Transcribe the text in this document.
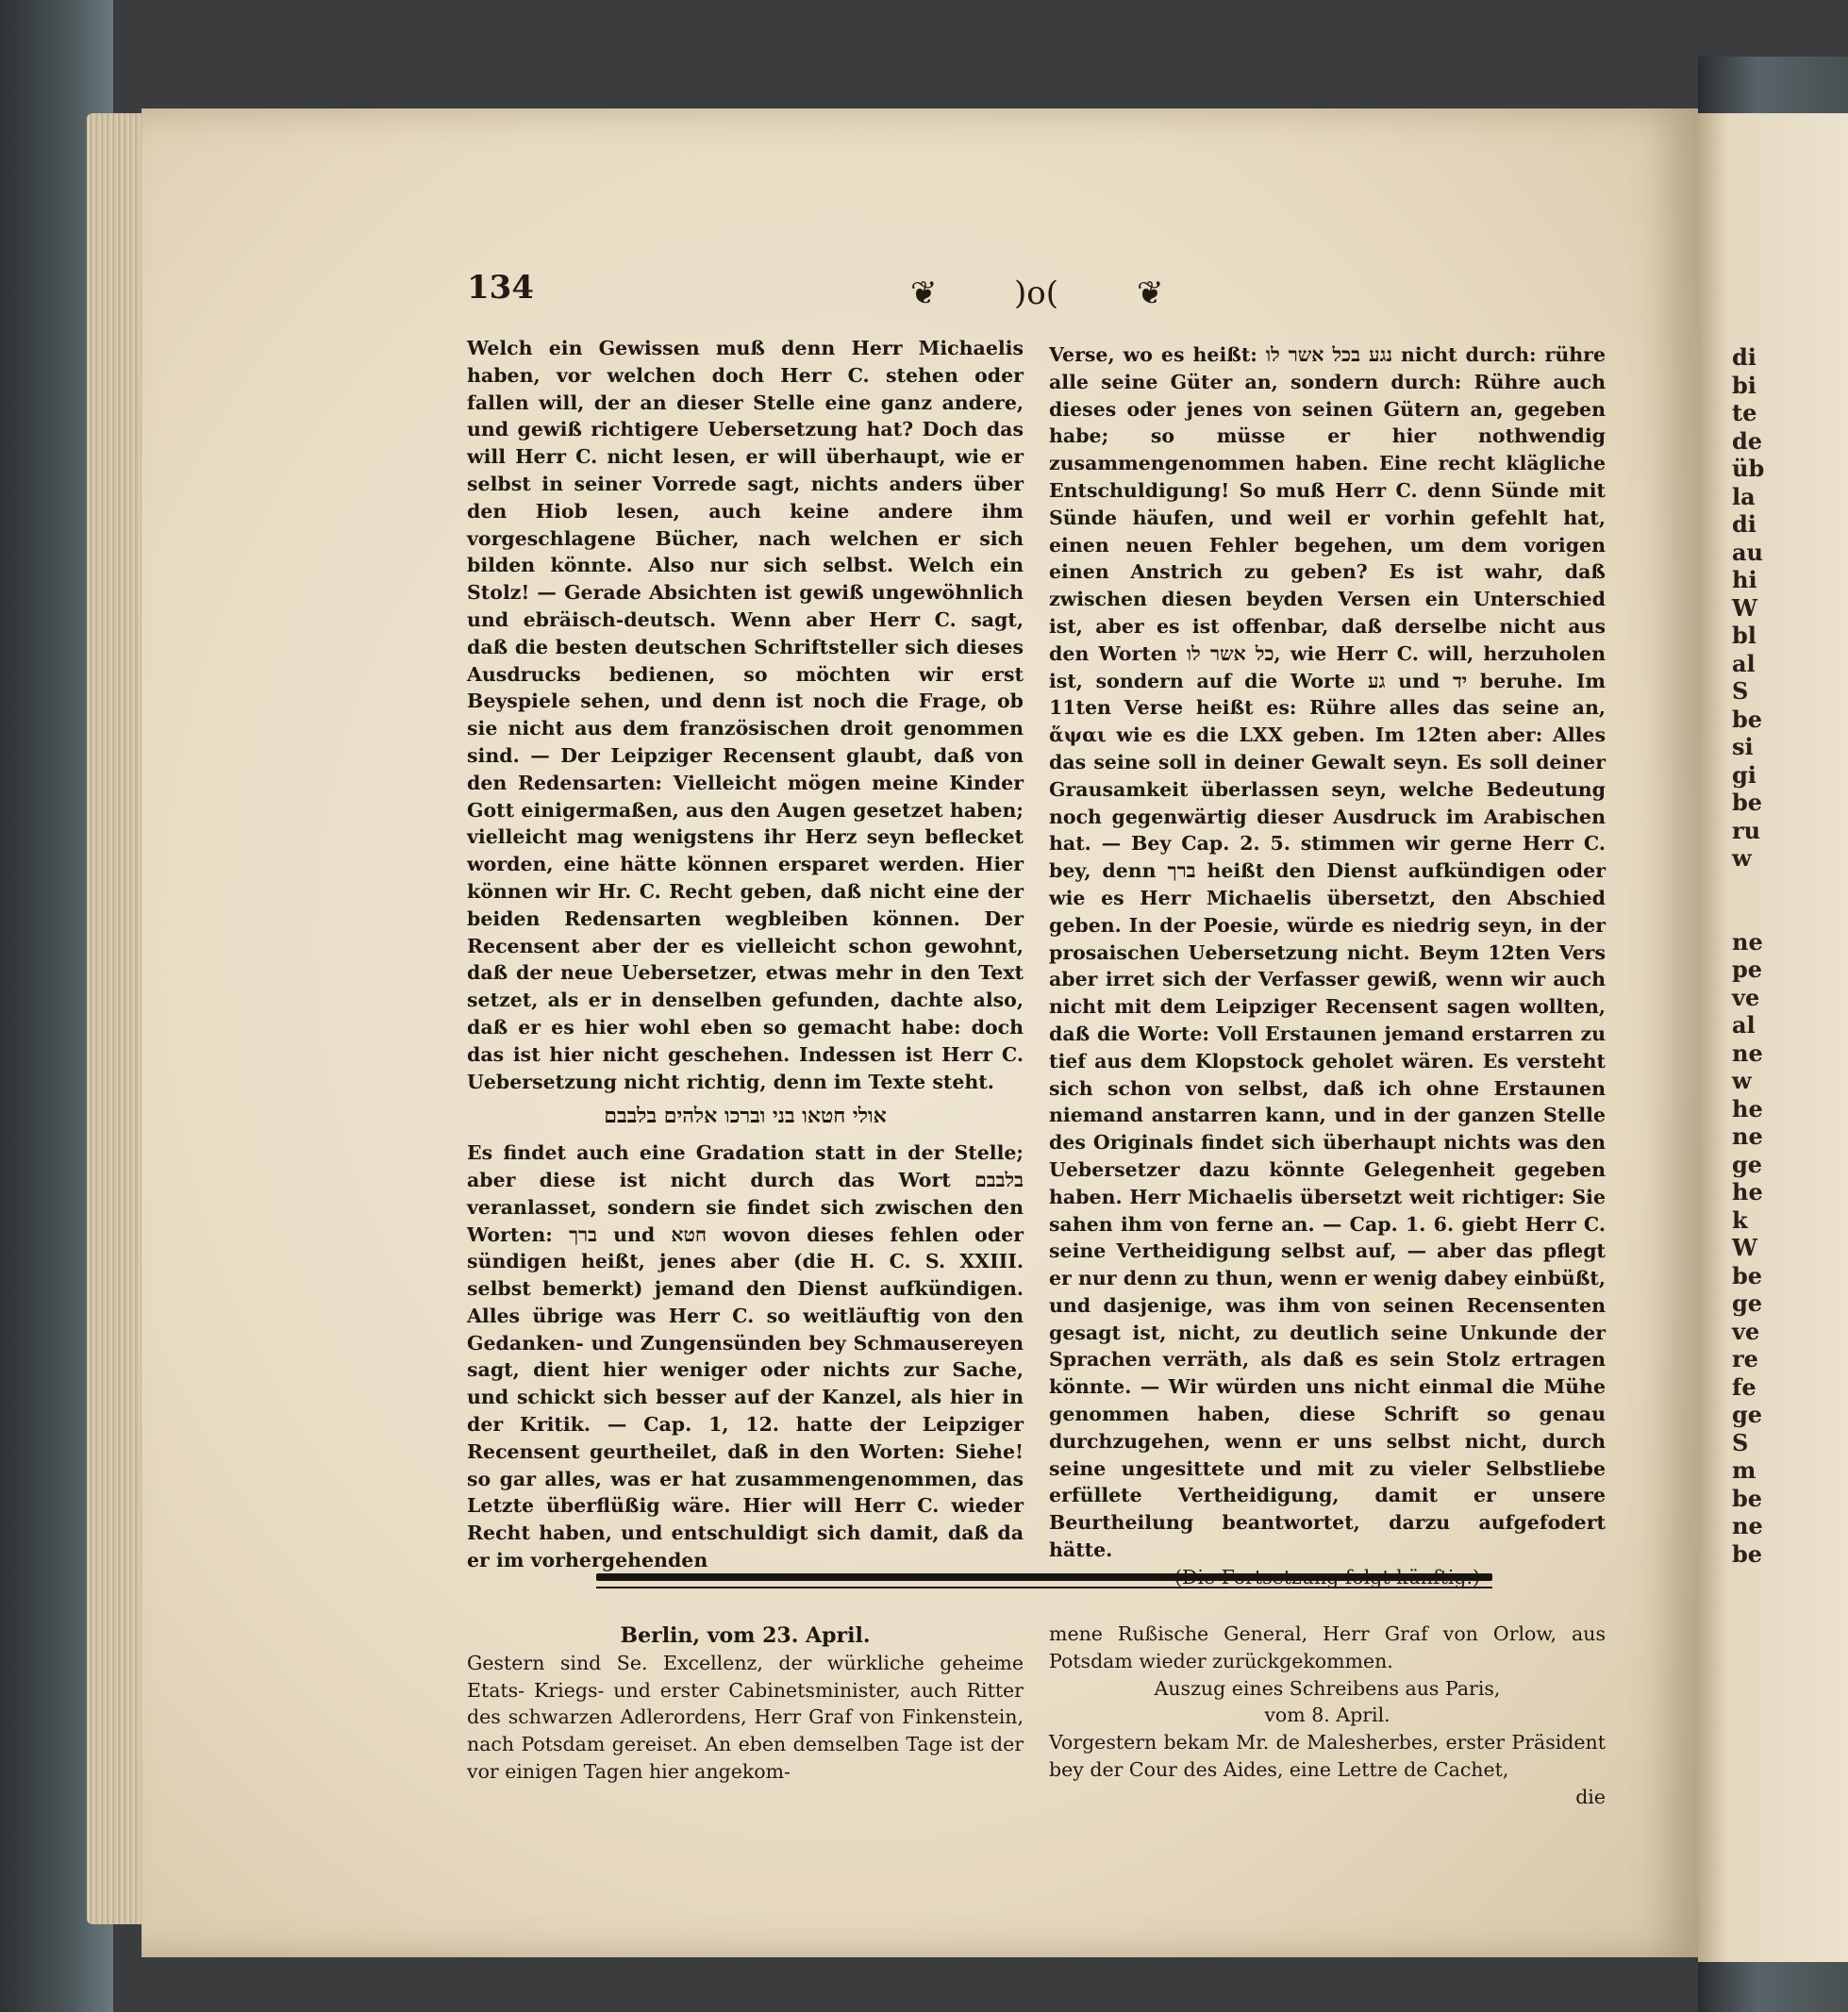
di
bi
te
de
üb
la
di
au
hi
W
bl
al
S
be
si
gi
be
ru
w
ne
pe
ve
al
ne
w
he
ne
ge
he
k
W
be
ge
ve
re
fe
ge
S
m
be
ne
be
134	❦ )o( ❦

Welch ein Gewissen muß denn Herr Michaelis haben, vor welchen doch Herr C. stehen oder fallen will, der an dieser Stelle eine ganz andere, und gewiß richtigere Uebersetzung hat? Doch das will Herr C. nicht lesen, er will überhaupt, wie er selbst in seiner Vorrede sagt, nichts anders über den Hiob lesen, auch keine andere ihm vorgeschlagene Bücher, nach welchen er sich bilden könnte. Also nur sich selbst. Welch ein Stolz! — Gerade Absichten ist gewiß ungewöhnlich und ebräisch-deutsch. Wenn aber Herr C. sagt, daß die besten deutschen Schriftsteller sich dieses Ausdrucks bedienen, so möchten wir erst Beyspiele sehen, und denn ist noch die Frage, ob sie nicht aus dem französischen droit genommen sind. — Der Leipziger Recensent glaubt, daß von den Redensarten: Vielleicht mögen meine Kinder Gott einigermaßen, aus den Augen gesetzet haben; vielleicht mag wenigstens ihr Herz seyn beflecket worden, eine hätte können ersparet werden. Hier können wir Hr. C. Recht geben, daß nicht eine der beiden Redensarten wegbleiben können. Der Recensent aber der es vielleicht schon gewohnt, daß der neue Uebersetzer, etwas mehr in den Text setzet, als er in denselben gefunden, dachte also, daß er es hier wohl eben so gemacht habe: doch das ist hier nicht geschehen. Indessen ist Herr C. Uebersetzung nicht richtig, denn im Texte steht.

אולי חטאו בני וברכו אלהים בלבבם

Es findet auch eine Gradation statt in der Stelle; aber diese ist nicht durch das Wort בלבבם veranlasset, sondern sie findet sich zwischen den Worten: ברך und חטא wovon dieses fehlen oder sündigen heißt, jenes aber (die H. C. S. XXIII. selbst bemerkt) jemand den Dienst aufkündigen. Alles übrige was Herr C. so weitläuftig von den Gedanken- und Zungensünden bey Schmausereyen sagt, dient hier weniger oder nichts zur Sache, und schickt sich besser auf der Kanzel, als hier in der Kritik. — Cap. 1, 12. hatte der Leipziger Recensent geurtheilet, daß in den Worten: Siehe! so gar alles, was er hat zusammengenommen, das Letzte überflüßig wäre. Hier will Herr C. wieder Recht haben, und entschuldigt sich damit, daß da er im vorhergehenden

Verse, wo es heißt: נגע בכל אשר לו nicht durch: rühre alle seine Güter an, sondern durch: Rühre auch dieses oder jenes von seinen Gütern an, gegeben habe; so müsse er hier nothwendig zusammengenommen haben. Eine recht klägliche Entschuldigung! So muß Herr C. denn Sünde mit Sünde häufen, und weil er vorhin gefehlt hat, einen neuen Fehler begehen, um dem vorigen einen Anstrich zu geben? Es ist wahr, daß zwischen diesen beyden Versen ein Unterschied ist, aber es ist offenbar, daß derselbe nicht aus den Worten כל אשר לו, wie Herr C. will, herzuholen ist, sondern auf die Worte גע und יד beruhe. Im 11ten Verse heißt es: Rühre alles das seine an, ἅψαι wie es die LXX geben. Im 12ten aber: Alles das seine soll in deiner Gewalt seyn. Es soll deiner Grausamkeit überlassen seyn, welche Bedeutung noch gegenwärtig dieser Ausdruck im Arabischen hat. — Bey Cap. 2. 5. stimmen wir gerne Herr C. bey, denn ברך heißt den Dienst aufkündigen oder wie es Herr Michaelis übersetzt, den Abschied geben. In der Poesie, würde es niedrig seyn, in der prosaischen Uebersetzung nicht. Beym 12ten Vers aber irret sich der Verfasser gewiß, wenn wir auch nicht mit dem Leipziger Recensent sagen wollten, daß die Worte: Voll Erstaunen jemand erstarren zu tief aus dem Klopstock geholet wären. Es versteht sich schon von selbst, daß ich ohne Erstaunen niemand anstarren kann, und in der ganzen Stelle des Originals findet sich überhaupt nichts was den Uebersetzer dazu könnte Gelegenheit gegeben haben. Herr Michaelis übersetzt weit richtiger: Sie sahen ihm von ferne an. — Cap. 1. 6. giebt Herr C. seine Vertheidigung selbst auf, — aber das pflegt er nur denn zu thun, wenn er wenig dabey einbüßt, und dasjenige, was ihm von seinen Recensenten gesagt ist, nicht, zu deutlich seine Unkunde der Sprachen verräth, als daß es sein Stolz ertragen könnte. — Wir würden uns nicht einmal die Mühe genommen haben, diese Schrift so genau durchzugehen, wenn er uns selbst nicht, durch seine ungesittete und mit zu vieler Selbstliebe erfüllete Vertheidigung, damit er unsere Beurtheilung beantwortet, darzu aufgefodert hätte.

Berlin, vom 23. April.

Gestern sind Se. Excellenz, der würkliche geheime Etats- Kriegs- und erster Cabinetsminister, auch Ritter des schwarzen Adlerordens, Herr Graf von Finkenstein, nach Potsdam gereiset. An eben demselben Tage ist der vor einigen Tagen hier angekom-

mene Rußische General, Herr Graf von Orlow, aus Potsdam wieder zurückgekommen.

Auszug eines Schreibens aus Paris,

vom 8. April.

Vorgestern bekam Mr. de Malesherbes, erster Präsident bey der Cour des Aides, eine Lettre de Cachet,

die
